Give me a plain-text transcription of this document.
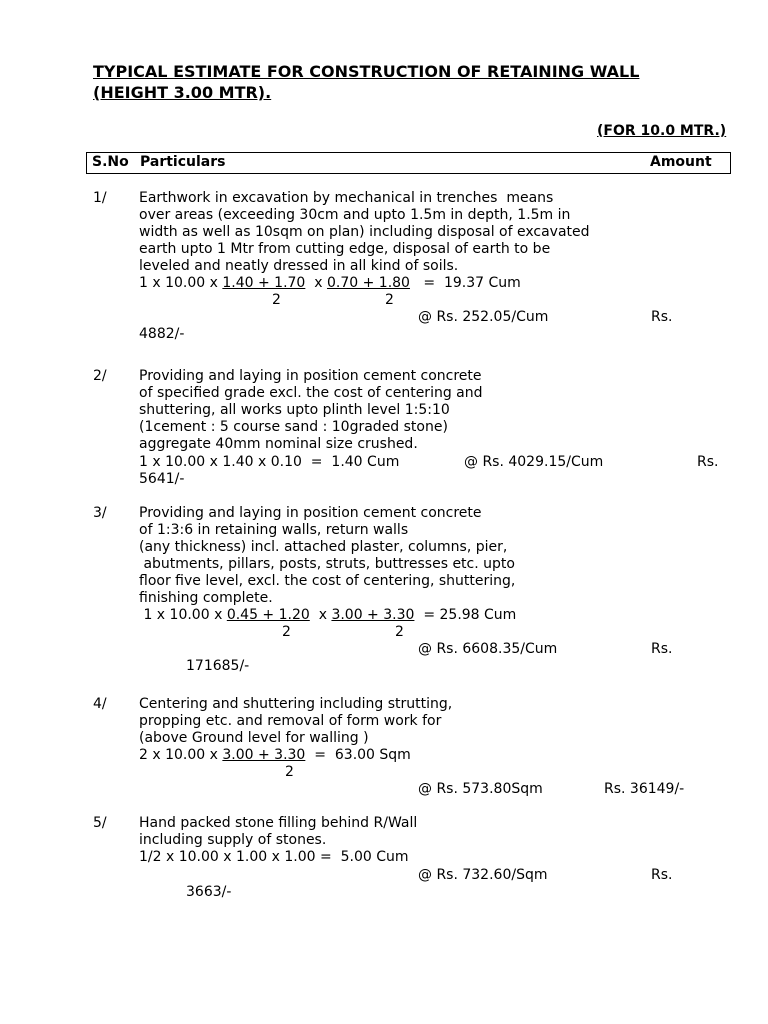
TYPICAL ESTIMATE FOR CONSTRUCTION OF RETAINING WALL
(HEIGHT 3.00 MTR).
(FOR 10.0 MTR.)
S.No Particulars	Amount
1/ Earthwork in excavation by mechanical in trenches  means
over areas (exceeding 30cm and upto 1.5m in depth, 1.5m in
width as well as 10sqm on plan) including disposal of excavated
earth upto 1 Mtr from cutting edge, disposal of earth to be
leveled and neatly dressed in all kind of soils.
1 x 10.00 x 1.40 + 1.70  x 0.70 + 1.80   =  19.37 Cum
2	2
@ Rs. 252.05/Cum	Rs.
4882/-
2/ Providing and laying in position cement concrete
of specified grade excl. the cost of centering and
shuttering, all works upto plinth level 1:5:10
(1cement : 5 course sand : 10graded stone)
aggregate 40mm nominal size crushed.
1 x 10.00 x 1.40 x 0.10  =  1.40 Cum	@ Rs. 4029.15/Cum	Rs.
5641/-
3/ Providing and laying in position cement concrete
of 1:3:6 in retaining walls, return walls
(any thickness) incl. attached plaster, columns, pier,
abutments, pillars, posts, struts, buttresses etc. upto
floor five level, excl. the cost of centering, shuttering,
finishing complete.
1 x 10.00 x 0.45 + 1.20  x 3.00 + 3.30  = 25.98 Cum
2	2
@ Rs. 6608.35/Cum	Rs.
171685/-
4/ Centering and shuttering including strutting,
propping etc. and removal of form work for
(above Ground level for walling )
2 x 10.00 x 3.00 + 3.30  =  63.00 Sqm
2
@ Rs. 573.80Sqm	Rs. 36149/-
5/ Hand packed stone filling behind R/Wall
including supply of stones.
1/2 x 10.00 x 1.00 x 1.00 =  5.00 Cum
@ Rs. 732.60/Sqm	Rs.
3663/-
